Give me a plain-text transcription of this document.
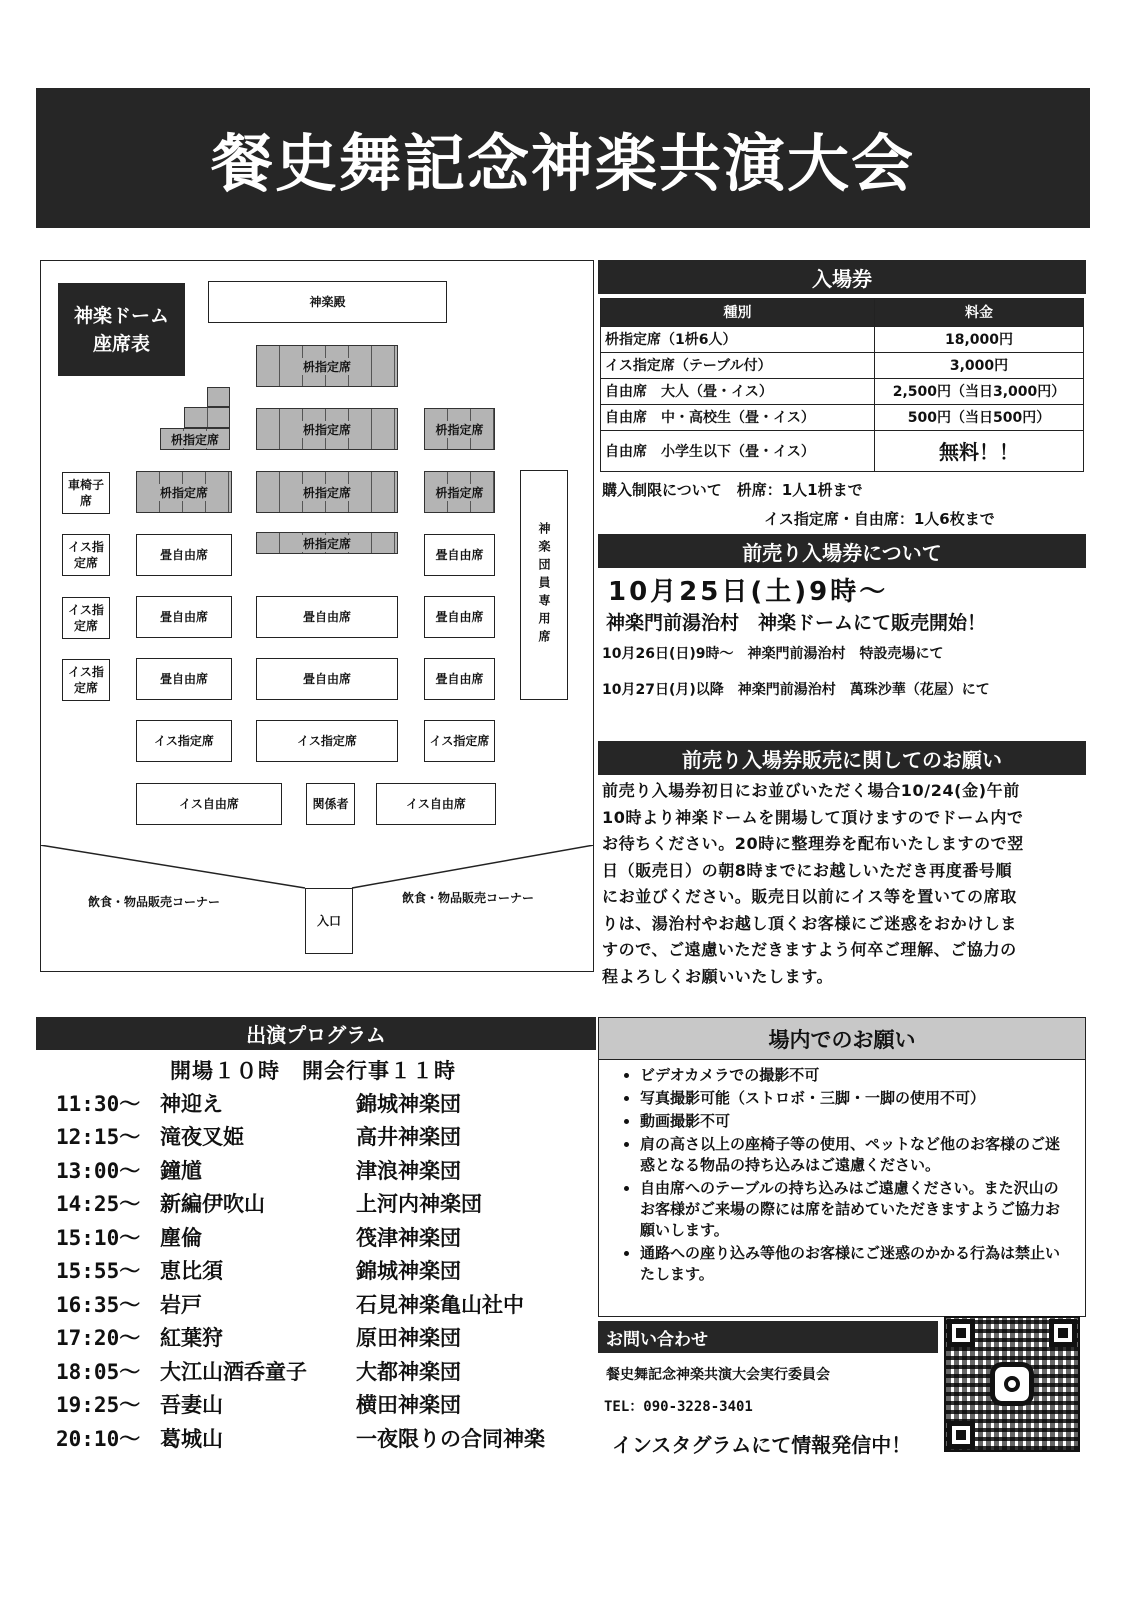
餐史舞記念神楽共演大会
神楽ドーム
座席表
神楽殿
枡指定席
枡指定席
枡指定席	枡指定席
枡指定席	枡指定席	枡指定席
枡指定席
車椅子席
イス指定席
イス指定席
イス指定席
畳自由席	畳自由席
畳自由席	畳自由席	畳自由席
畳自由席	畳自由席	畳自由席
イス指定席	イス指定席	イス指定席
イス自由席	関係者	イス自由席
神楽団員専用席
入口
飲食・物品販売コーナー	飲食・物品販売コーナー
入場券
種別	料金
枡指定席（1枡6人）	18,000円
イス指定席（テーブル付）	3,000円
自由席　大人（畳・イス）	2,500円（当日3,000円）
自由席　中・高校生（畳・イス）	500円（当日500円）
自由席　小学生以下（畳・イス）	無料！！
購入制限について　枡席：1人1枡まで
イス指定席・自由席：1人6枚まで
前売り入場券について
10月25日(土)9時～
神楽門前湯治村　神楽ドームにて販売開始！
10月26日(日)9時～　神楽門前湯治村　特設売場にて
10月27日(月)以降　神楽門前湯治村　萬珠沙華（花屋）にて
前売り入場券販売に関してのお願い
前売り入場券初日にお並びいただく場合10/24(金)午前
10時より神楽ドームを開場して頂けますのでドーム内で
お待ちください。20時に整理券を配布いたしますので翌
日（販売日）の朝8時までにお越しいただき再度番号順
にお並びください。販売日以前にイス等を置いての席取
りは、湯治村やお越し頂くお客様にご迷惑をおかけしま
すので、ご遠慮いただきますよう何卒ご理解、ご協力の
程よろしくお願いいたします。
出演プログラム
開場１０時　開会行事１１時
11:30～ 神迎え	錦城神楽団
12:15～ 滝夜叉姫	高井神楽団
13:00～ 鐘馗	津浪神楽団
14:25～ 新編伊吹山	上河内神楽団
15:10～ 塵倫	筏津神楽団
15:55～ 恵比須	錦城神楽団
16:35～ 岩戸	石見神楽亀山社中
17:20～ 紅葉狩	原田神楽団
18:05～ 大江山酒呑童子	大都神楽団
19:25～ 吾妻山	横田神楽団
20:10～ 葛城山	一夜限りの合同神楽
場内でのお願い
• ビデオカメラでの撮影不可
• 写真撮影可能（ストロボ・三脚・一脚の使用不可）
• 動画撮影不可
• 肩の高さ以上の座椅子等の使用、ペットなど他のお客様のご迷惑となる物品の持ち込みはご遠慮ください。
• 自由席へのテーブルの持ち込みはご遠慮ください。また沢山のお客様がご来場の際には席を詰めていただきますようご協力お願いします。
• 通路への座り込み等他のお客様にご迷惑のかかる行為は禁止いたします。
お問い合わせ
餐史舞記念神楽共演大会実行委員会
TEL：090-3228-3401
インスタグラムにて情報発信中！
